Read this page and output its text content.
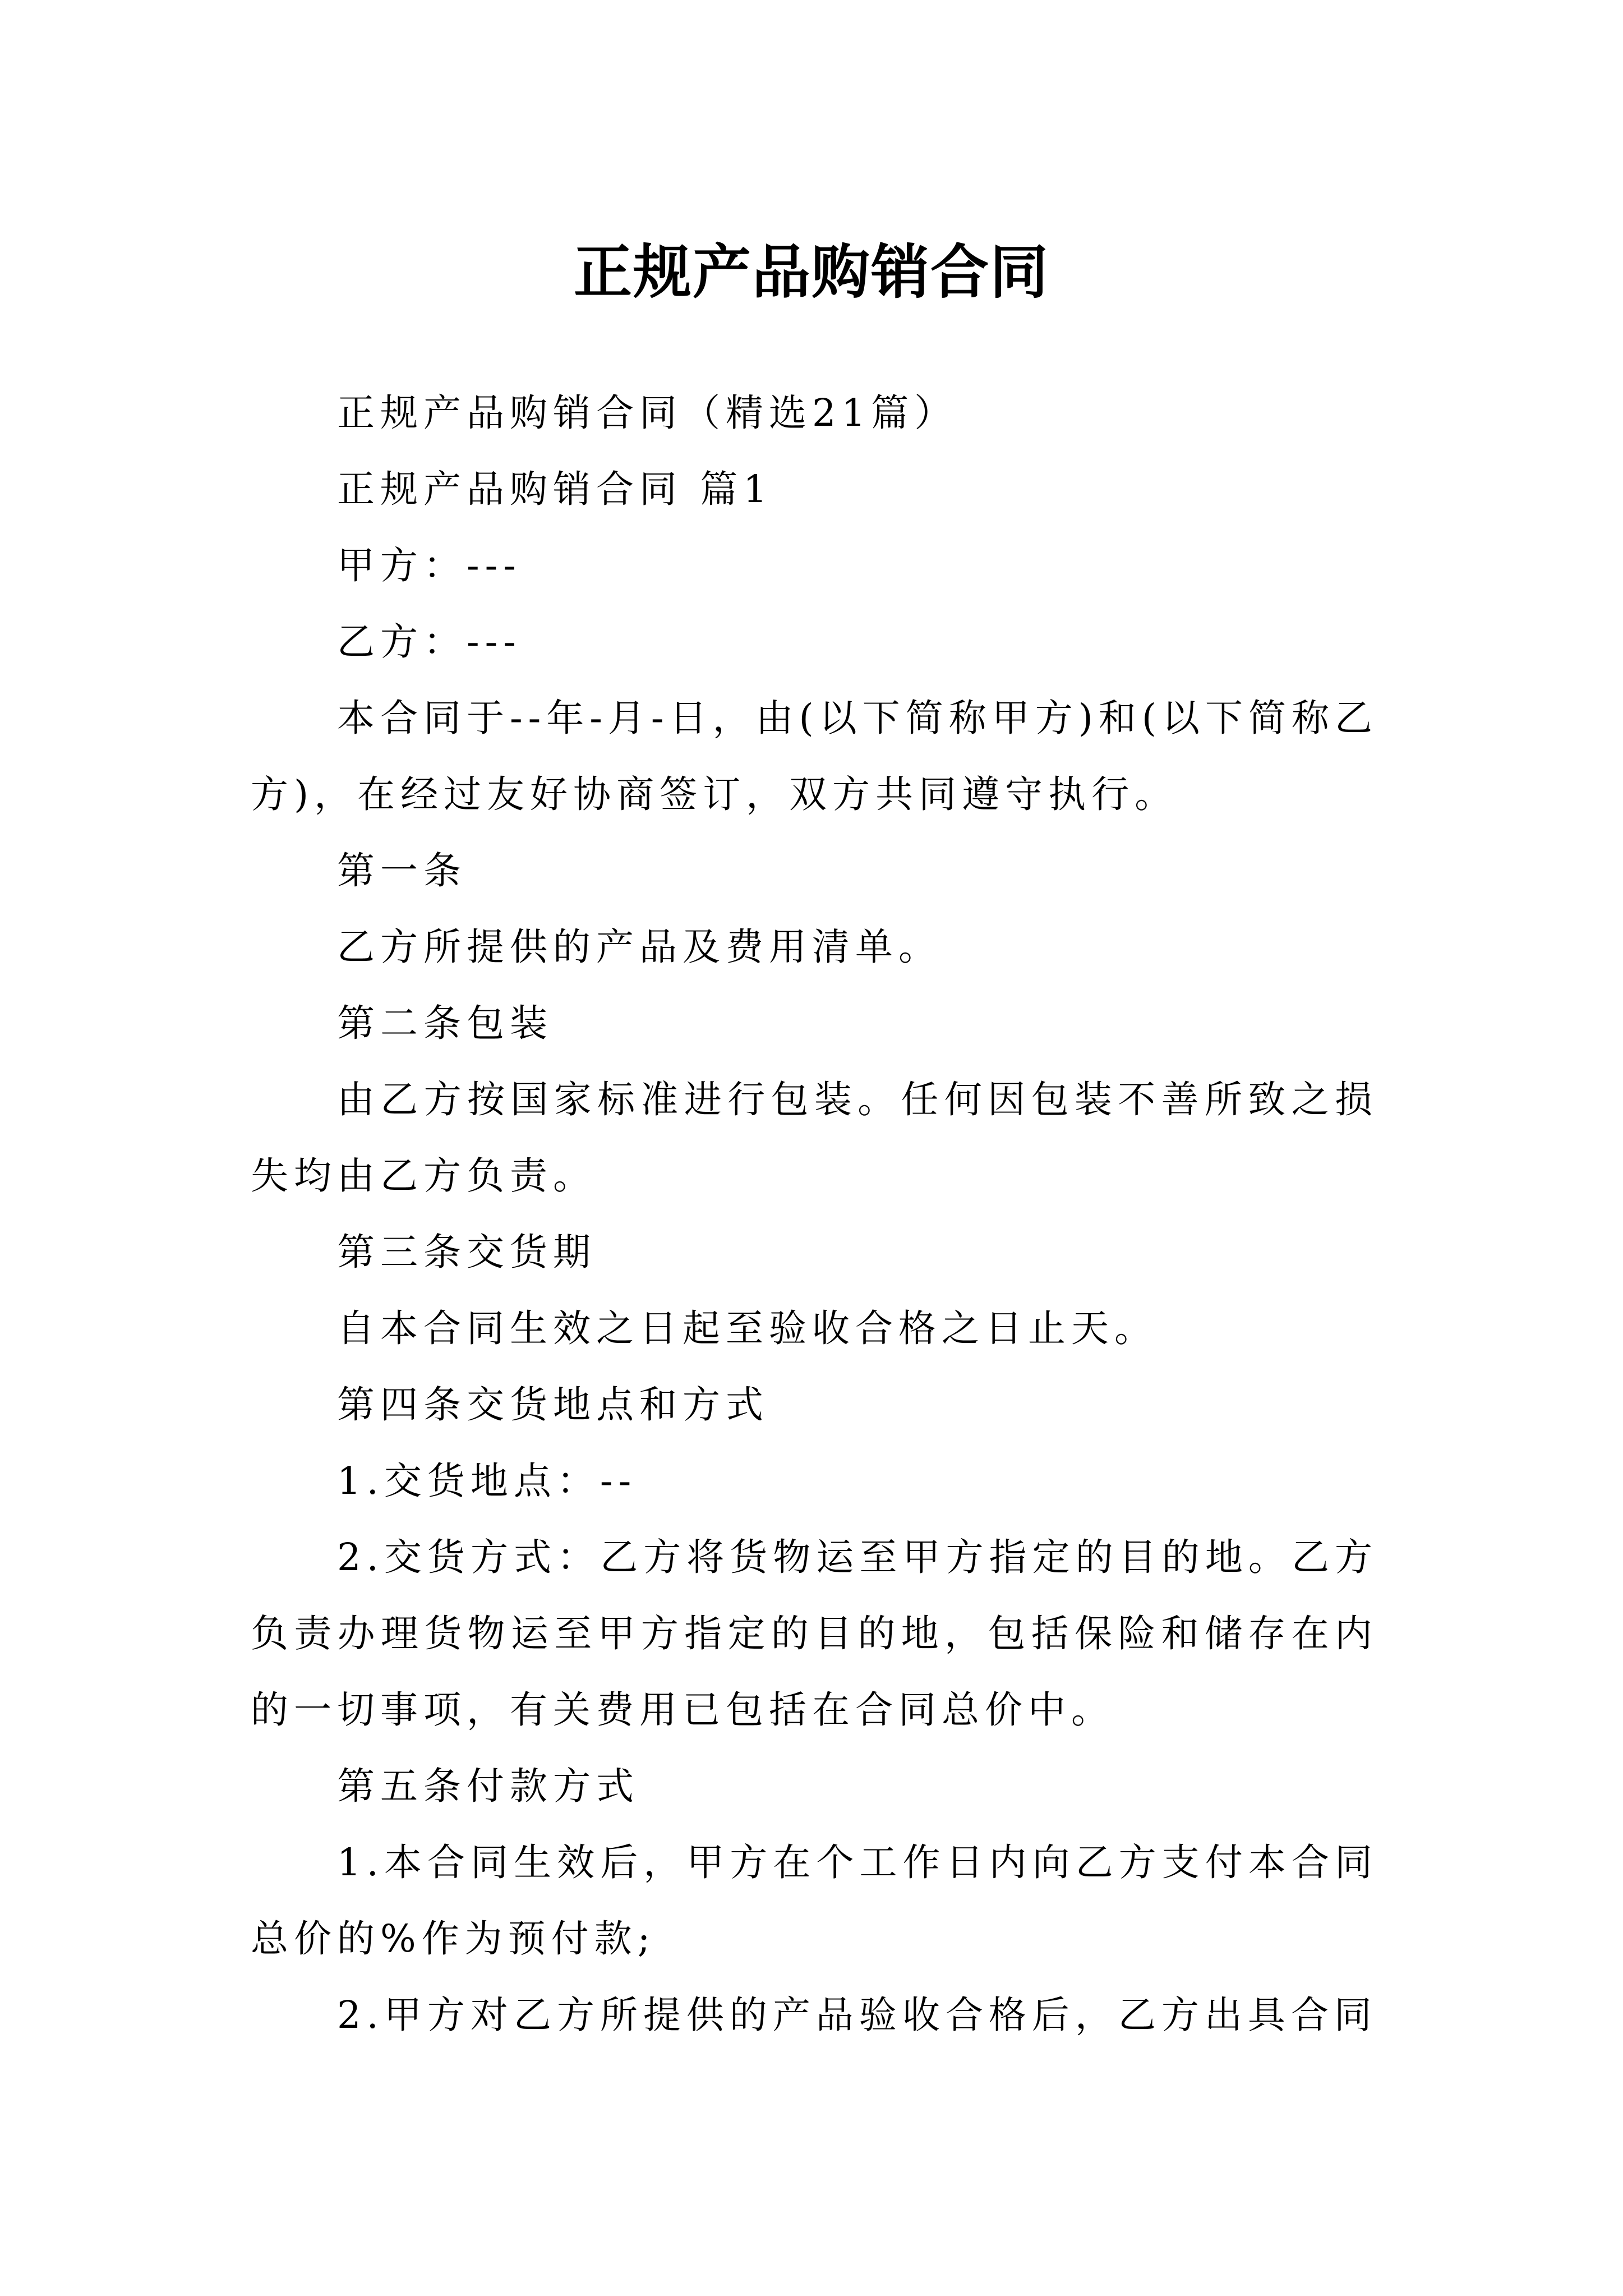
正规产品购销合同

正规产品购销合同（精选21篇）

正规产品购销合同 篇1

甲方：---

乙方：---

本合同于--年-月-日，由(以下简称甲方)和(以下简称乙方)，在经过友好协商签订，双方共同遵守执行。

第一条

乙方所提供的产品及费用清单。

第二条包装

由乙方按国家标准进行包装。任何因包装不善所致之损失均由乙方负责。

第三条交货期

自本合同生效之日起至验收合格之日止天。

第四条交货地点和方式

1.交货地点：--

2.交货方式：乙方将货物运至甲方指定的目的地。乙方负责办理货物运至甲方指定的目的地，包括保险和储存在内的一切事项，有关费用已包括在合同总价中。

第五条付款方式

1.本合同生效后，甲方在个工作日内向乙方支付本合同总价的%作为预付款;

2.甲方对乙方所提供的产品验收合格后，乙方出具合同
